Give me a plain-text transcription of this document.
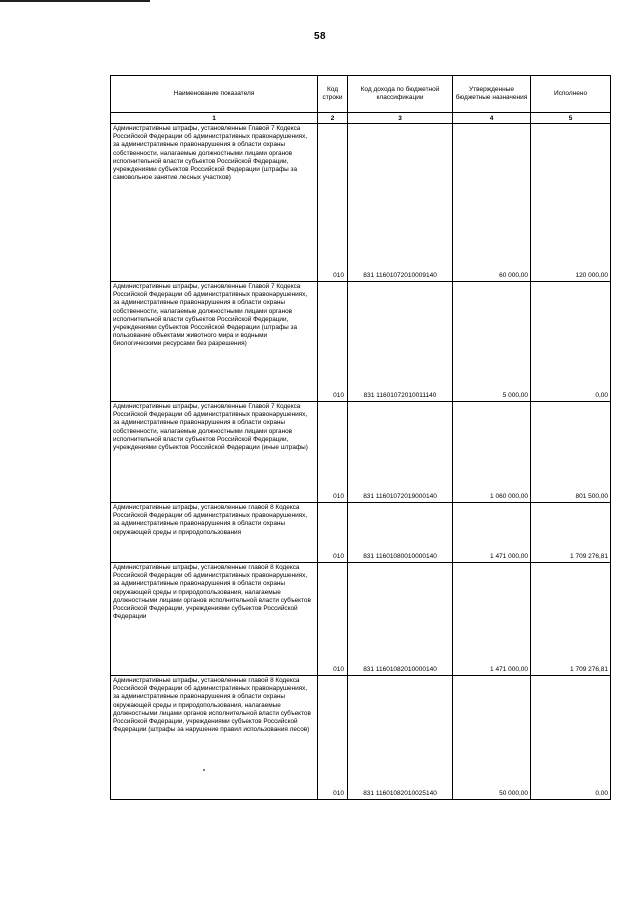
58
Наименование показателя	Код строки	Код дохода по бюджетной классификации	Утвержденные бюджетные назначения	Исполнено
1	2	3	4	5
Административные штрафы, установленные Главой 7 Кодекса Российской Федерации об административных правонарушениях, за административные правонарушения в области охраны собственности, налагаемые должностными лицами органов исполнительной власти субъектов Российской Федерации, учреждениями субъектов Российской Федерации (штрафы за самовольное занятие лесных участков)	010	831 11601072010009140	60 000,00	120 000,00
Административные штрафы, установленные Главой 7 Кодекса Российской Федерации об административных правонарушениях, за административные правонарушения в области охраны собственности, налагаемые должностными лицами органов исполнительной власти субъектов Российской Федерации, учреждениями субъектов Российской Федерации (штрафы за пользование объектами животного мира и водными биологическими ресурсами без разрешения)	010	831 11601072010011140	5 000,00	0,00
Административные штрафы, установленные Главой 7 Кодекса Российской Федерации об административных правонарушениях, за административные правонарушения в области охраны собственности, налагаемые должностными лицами органов исполнительной власти субъектов Российской Федерации, учреждениями субъектов Российской Федерации (иные штрафы)	010	831 11601072019000140	1 060 000,00	801 500,00
Административные штрафы, установленные главой 8 Кодекса Российской Федерации об административных правонарушениях, за административные правонарушения в области охраны окружающей среды и природопользования	010	831 11601080010000140	1 471 000,00	1 709 276,81
Административные штрафы, установленные главой 8 Кодекса Российской Федерации об административных правонарушениях, за административные правонарушения в области охраны окружающей среды и природопользования, налагаемые должностными лицами органов исполнительной власти субъектов Российской Федерации, учреждениями субъектов Российской Федерации	010	831 11601082010000140	1 471 000,00	1 709 276,81
Административные штрафы, установленные главой 8 Кодекса Российской Федерации об административных правонарушениях, за административные правонарушения в области охраны окружающей среды и природопользования, налагаемые должностными лицами органов исполнительной власти субъектов Российской Федерации, учреждениями субъектов Российской Федерации (штрафы за нарушение правил использования лесов)	010	831 11601082010025140	50 000,00	0,00
